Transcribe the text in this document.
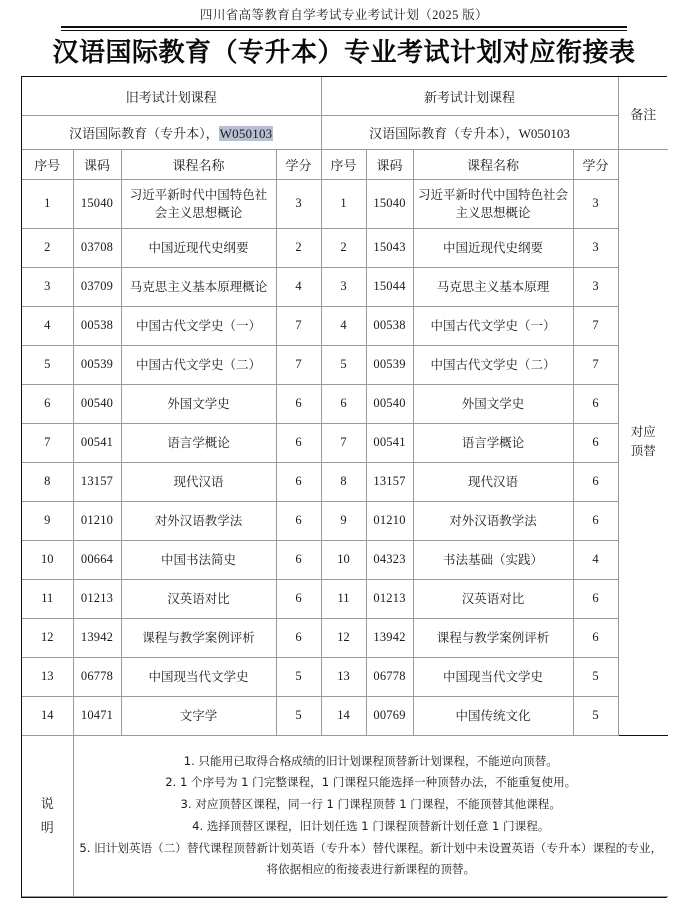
四川省高等教育自学考试专业考试计划（2025 版）
汉语国际教育（专升本）专业考试计划对应衔接表
旧考试计划课程				新考试计划课程				备注
汉语国际教育（专升本），W050103				汉语国际教育（专升本），W050103				
序号	课码	课程名称	学分	序号	课码	课程名称	学分	对应
顶替
1	15040	习近平新时代中国特色社会主义思想概论	3	1	15040	习近平新时代中国特色社会主义思想概论	3	
2	03708	中国近现代史纲要	2	2	15043	中国近现代史纲要	3	
3	03709	马克思主义基本原理概论	4	3	15044	马克思主义基本原理	3	
4	00538	中国古代文学史（一）	7	4	00538	中国古代文学史（一）	7	
5	00539	中国古代文学史（二）	7	5	00539	中国古代文学史（二）	7	
6	00540	外国文学史	6	6	00540	外国文学史	6	
7	00541	语言学概论	6	7	00541	语言学概论	6	
8	13157	现代汉语	6	8	13157	现代汉语	6	
9	01210	对外汉语教学法	6	9	01210	对外汉语教学法	6	
10	00664	中国书法简史	6	10	04323	书法基础（实践）	4	
11	01213	汉英语对比	6	11	01213	汉英语对比	6	
12	13942	课程与教学案例评析	6	12	13942	课程与教学案例评析	6	
13	06778	中国现当代文学史	5	13	06778	中国现当代文学史	5	
14	10471	文字学	5	14	00769	中国传统文化	5	
说
明	

1. 只能用已取得合格成绩的旧计划课程顶替新计划课程，不能逆向顶替。

2. 1 个序号为 1 门完整课程，1 门课程只能选择一种顶替办法，不能重复使用。

3. 对应顶替区课程，同一行 1 门课程顶替 1 门课程，不能顶替其他课程。

4. 选择顶替区课程，旧计划任选 1 门课程顶替新计划任意 1 门课程。

5. 旧计划英语（二）替代课程顶替新计划英语（专升本）替代课程。新计划中未设置英语（专升本）课程的专业，将依据相应的衔接表进行新课程的顶替。
